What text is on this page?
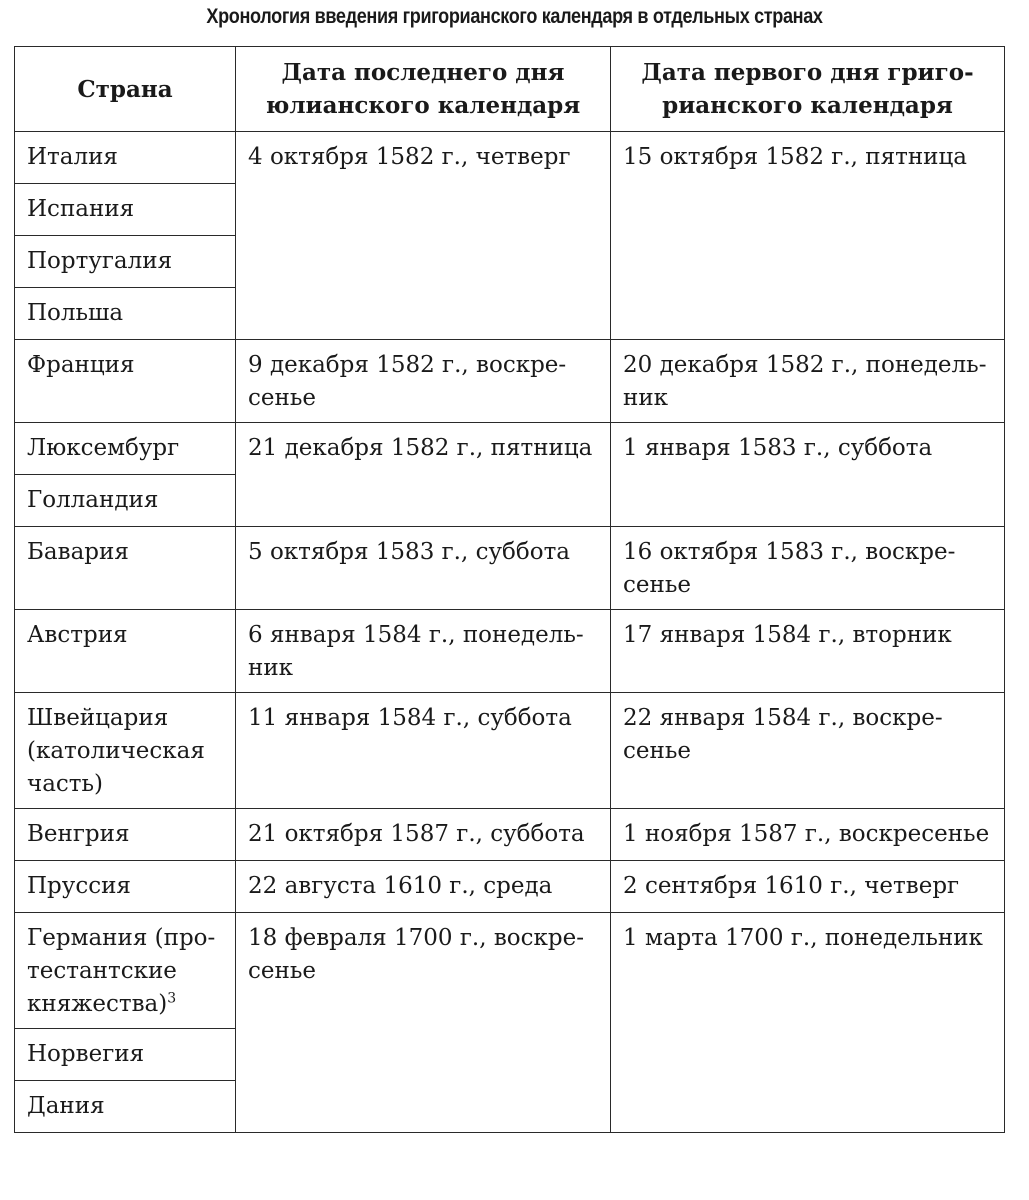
Хронология введения григорианского календаря в отдельных странах
Страна	Дата последнего дня юлианского календаря	Дата первого дня григорианского календаря
Италия	4 октября 1582 г., четверг	15 октября 1582 г., пятница
Испания		
Португалия		
Польша		
Франция	9 декабря 1582 г., воскресенье	20 декабря 1582 г., понедельник
Люксембург	21 декабря 1582 г., пятница	1 января 1583 г., суббота
Голландия		
Бавария	5 октября 1583 г., суббота	16 октября 1583 г., воскресенье
Австрия	6 января 1584 г., понедельник	17 января 1584 г., вторник
Швейцария (католическая часть)	11 января 1584 г., суббота	22 января 1584 г., воскресенье
Венгрия	21 октября 1587 г., суббота	1 ноября 1587 г., воскресенье
Пруссия	22 августа 1610 г., среда	2 сентября 1610 г., четверг
Германия (протестантские княжества)$^3$	18 февраля 1700 г., воскресенье	1 марта 1700 г., понедельник
Норвегия		
Дания		
